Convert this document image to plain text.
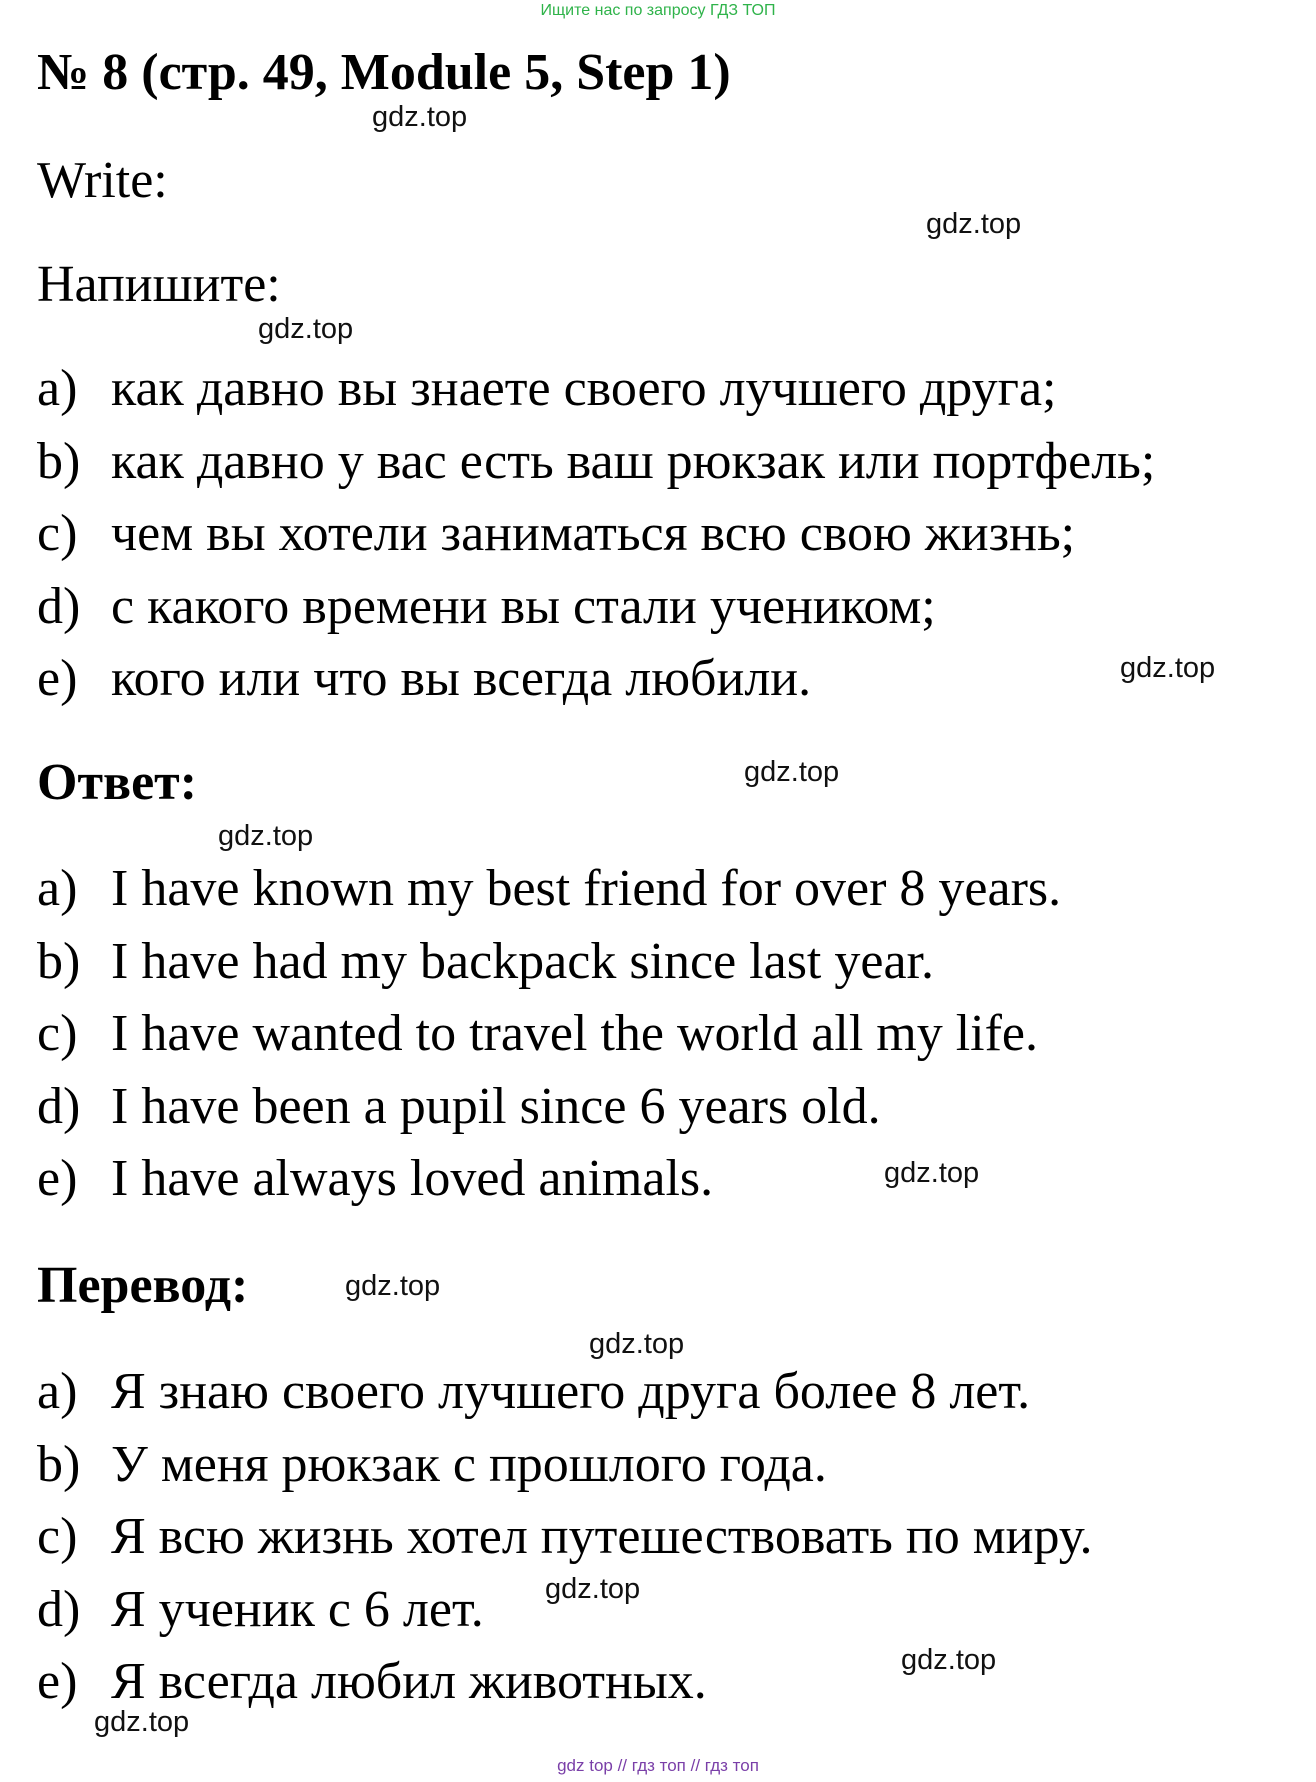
Ищите нас по запросу ГДЗ ТОП
№ 8 (стр. 49, Module 5, Step 1)
Write:
Напишите:
a) как давно вы знаете своего лучшего друга;
b) как давно у вас есть ваш рюкзак или портфель;
c) чем вы хотели заниматься всю свою жизнь;
d) с какого времени вы стали учеником;
e) кого или что вы всегда любили.
Ответ:
a) I have known my best friend for over 8 years.
b) I have had my backpack since last year.
c) I have wanted to travel the world all my life.
d) I have been a pupil since 6 years old.
e) I have always loved animals.
Перевод:
a) Я знаю своего лучшего друга более 8 лет.
b) У меня рюкзак с прошлого года.
c) Я всю жизнь хотел путешествовать по миру.
d) Я ученик с 6 лет.
e) Я всегда любил животных.
gdz.top
gdz.top
gdz.top
gdz.top
gdz.top
gdz.top
gdz.top
gdz.top
gdz.top
gdz.top
gdz.top
gdz.top
gdz top // гдз топ // гдз топ
